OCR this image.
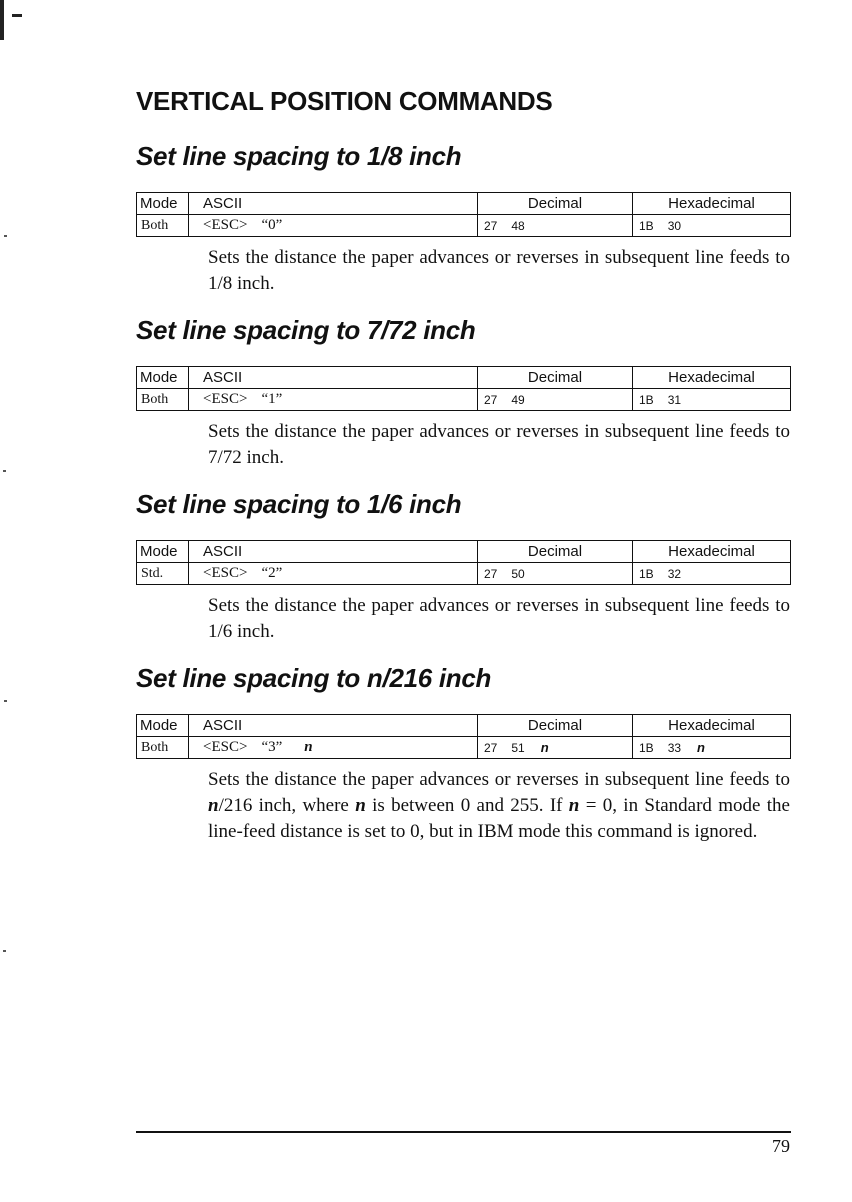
VERTICAL POSITION COMMANDS
Set line spacing to 1/8 inch
Mode	ASCII	Decimal	Hexadecimal
Both	<ESC> “0”	27 48	1B 30

Sets the distance the paper advances or reverses in subsequent line feeds to 1/8 inch.

Set line spacing to 7/72 inch
Mode	ASCII	Decimal	Hexadecimal
Both	<ESC> “1”	27 49	1B 31

Sets the distance the paper advances or reverses in subsequent line feeds to 7/72 inch.

Set line spacing to 1/6 inch
Mode	ASCII	Decimal	Hexadecimal
Std.	<ESC> “2”	27 50	1B 32

Sets the distance the paper advances or reverses in subsequent line feeds to 1/6 inch.

Set line spacing to n/216 inch
Mode	ASCII	Decimal	Hexadecimal
Both	<ESC> “3” n	27 51 n	1B 33 n

Sets the distance the paper advances or reverses in subsequent line feeds to n/216 inch, where n is between 0 and 255. If n = 0, in Standard mode the line-feed distance is set to 0, but in IBM mode this command is ignored.

79
